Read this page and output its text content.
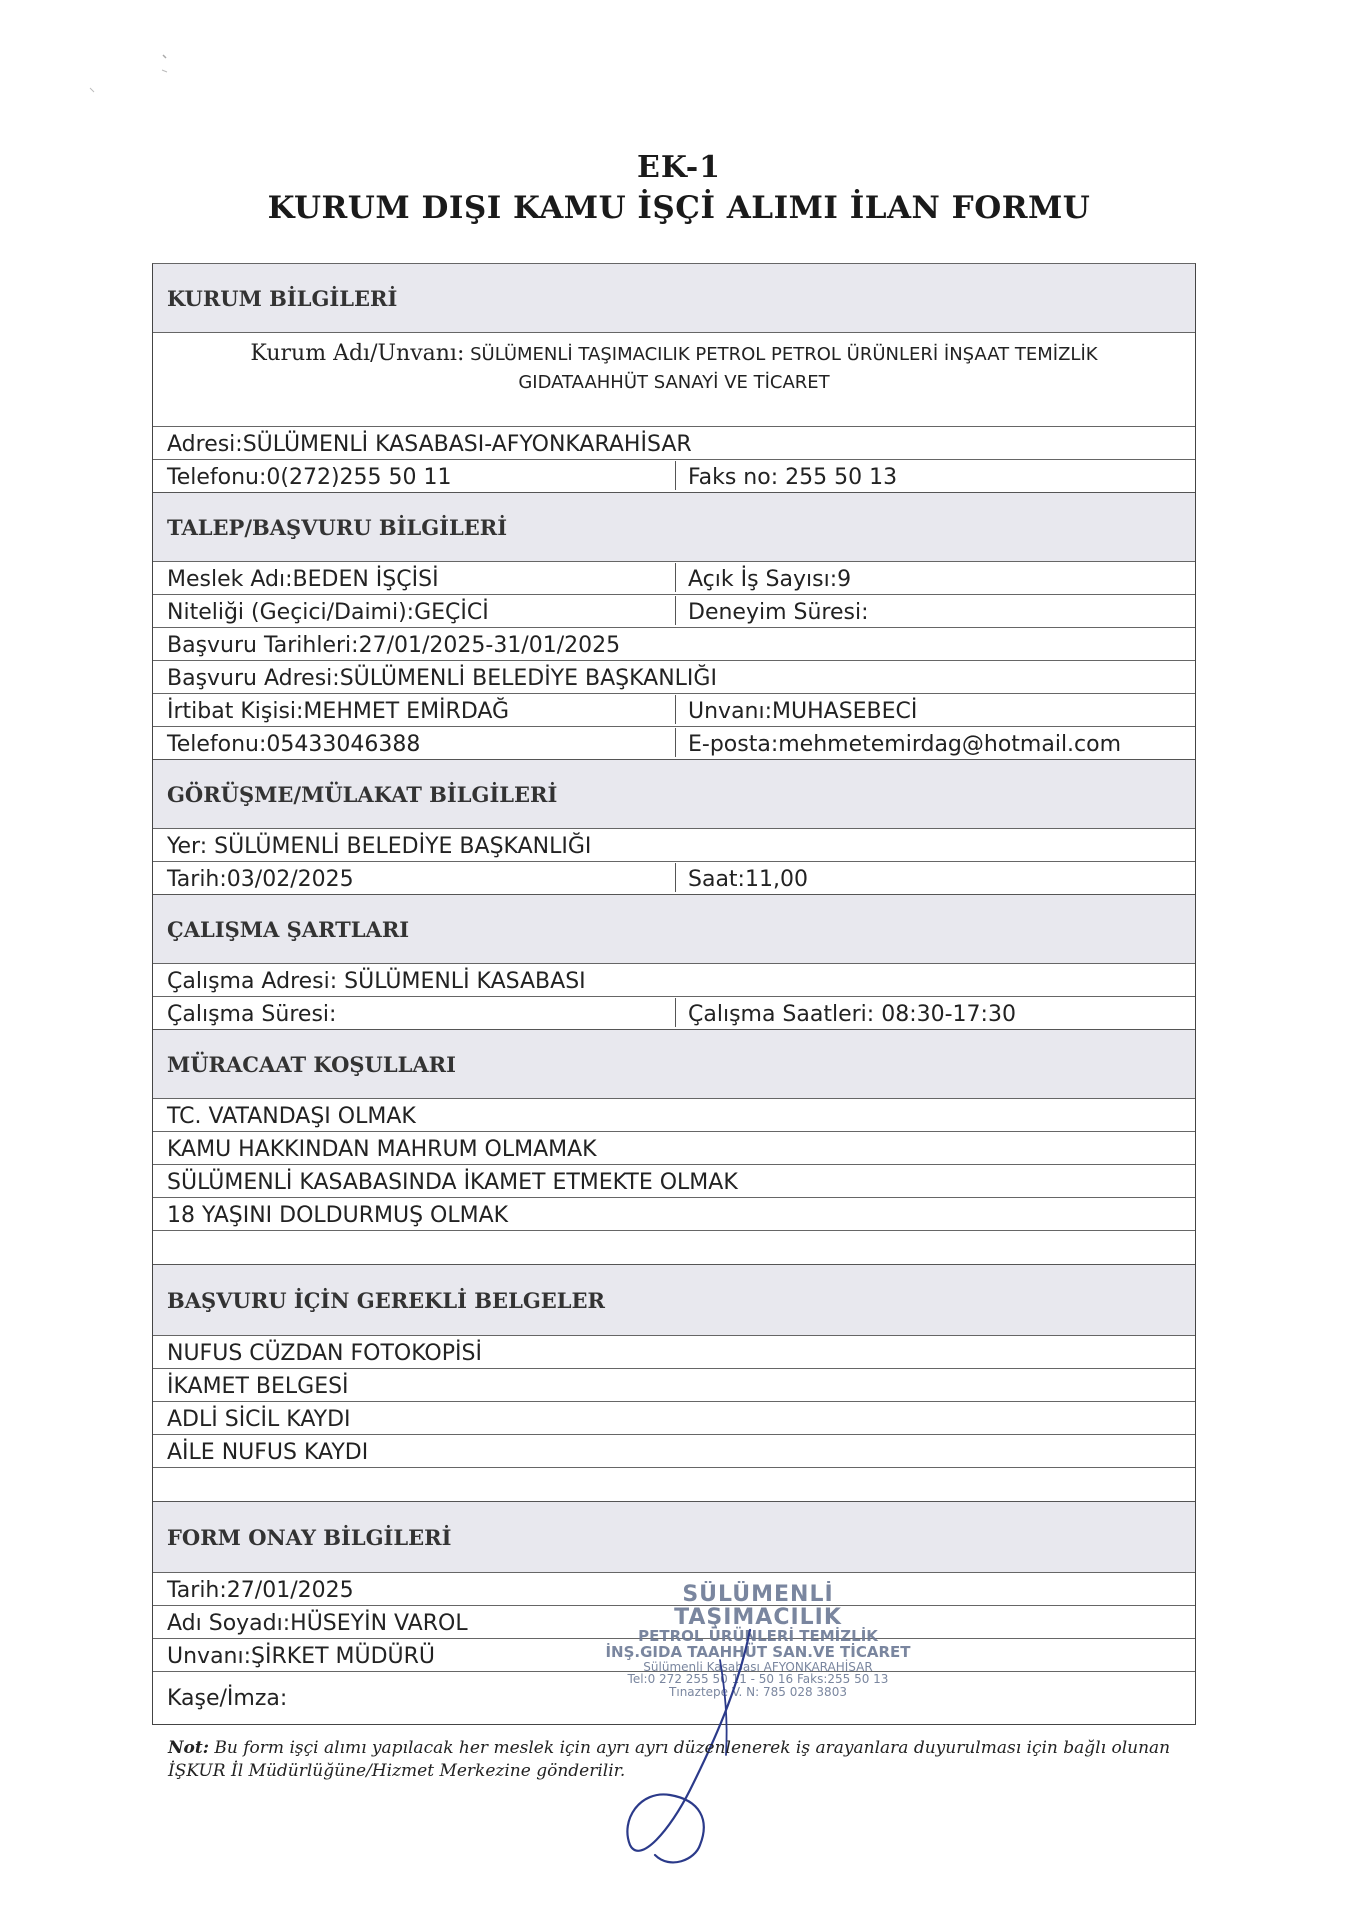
EK-1
KURUM DIŞI KAMU İŞÇİ ALIMI İLAN FORMU
KURUM BİLGİLERİ
Kurum Adı/Unvanı: SÜLÜMENLİ TAŞIMACILIK PETROL PETROL ÜRÜNLERİ İNŞAAT TEMİZLİK
GIDATAAHHÜT SANAYİ VE TİCARET
Adresi:SÜLÜMENLİ KASABASI-AFYONKARAHİSAR
Telefonu:0(272)255 50 11	Faks no: 255 50 13
TALEP/BAŞVURU BİLGİLERİ
Meslek Adı:BEDEN İŞÇİSİ	Açık İş Sayısı:9
Niteliği (Geçici/Daimi):GEÇİCİ	Deneyim Süresi:
Başvuru Tarihleri:27/01/2025-31/01/2025
Başvuru Adresi:SÜLÜMENLİ BELEDİYE BAŞKANLIĞI
İrtibat Kişisi:MEHMET EMİRDAĞ	Unvanı:MUHASEBECİ
Telefonu:05433046388	E-posta:mehmetemirdag@hotmail.com
GÖRÜŞME/MÜLAKAT BİLGİLERİ
Yer: SÜLÜMENLİ BELEDİYE BAŞKANLIĞI
Tarih:03/02/2025	Saat:11,00
ÇALIŞMA ŞARTLARI
Çalışma Adresi: SÜLÜMENLİ KASABASI
Çalışma Süresi:	Çalışma Saatleri: 08:30-17:30
MÜRACAAT KOŞULLARI
TC. VATANDAŞI OLMAK
KAMU HAKKINDAN MAHRUM OLMAMAK
SÜLÜMENLİ KASABASINDA İKAMET ETMEKTE OLMAK
18 YAŞINI DOLDURMUŞ OLMAK
BAŞVURU İÇİN GEREKLİ BELGELER
NUFUS CÜZDAN FOTOKOPİSİ
İKAMET BELGESİ
ADLİ SİCİL KAYDI
AİLE NUFUS KAYDI
FORM ONAY BİLGİLERİ
Tarih:27/01/2025
Adı Soyadı:HÜSEYİN VAROL
Unvanı:ŞİRKET MÜDÜRÜ
Kaşe/İmza:
SÜLÜMENLİ TAŞIMACILIK
PETROL ÜRÜNLERİ TEMİZLİK
İNŞ.GIDA TAAHHÜT SAN.VE TİCARET
Sülümenli Kasabası AFYONKARAHİSAR
Tel:0 272 255 50 11 - 50 16 Faks:255 50 13
Tınaztepe V. N: 785 028 3803
Not: Bu form işçi alımı yapılacak her meslek için ayrı ayrı düzenlenerek iş arayanlara duyurulması için bağlı olunan İŞKUR İl Müdürlüğüne/Hizmet Merkezine gönderilir.
